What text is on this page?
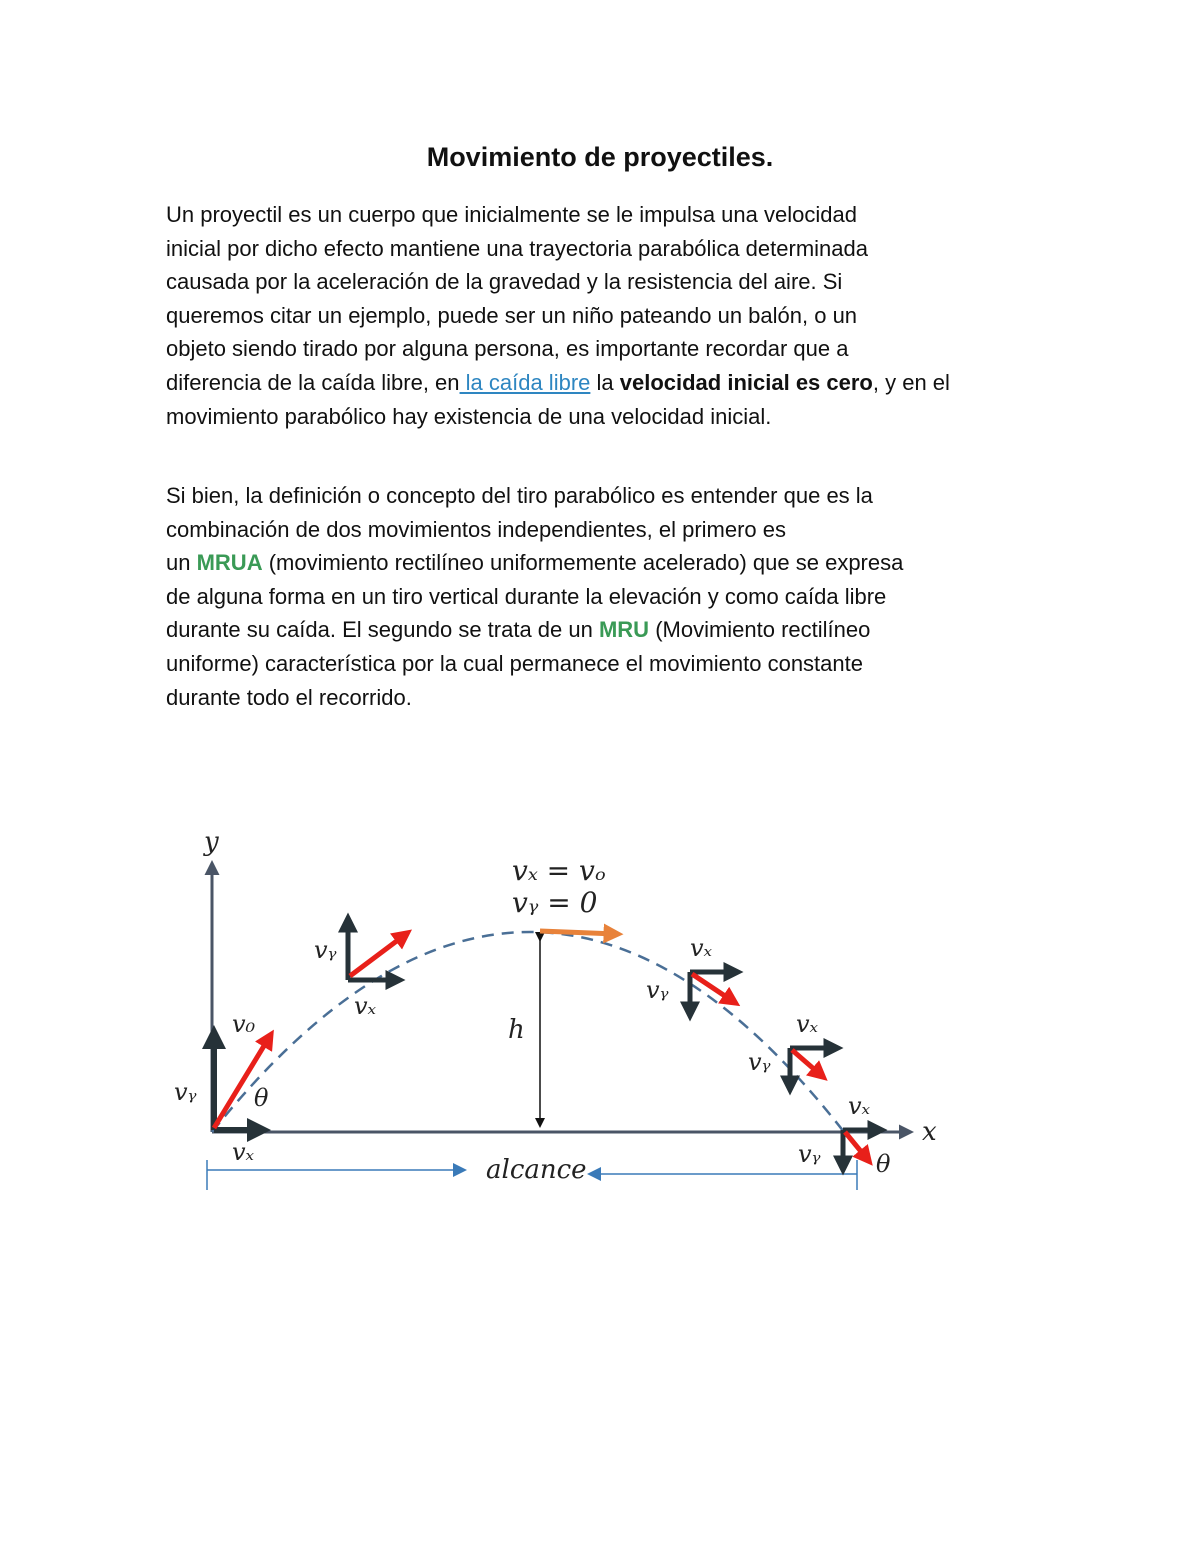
Movimiento de proyectiles.
Un proyectil es un cuerpo que inicialmente se le impulsa una velocidad
inicial por dicho efecto mantiene una trayectoria parabólica determinada
causada por la aceleración de la gravedad y la resistencia del aire. Si
queremos citar un ejemplo, puede ser un niño pateando un balón, o un
objeto siendo tirado por alguna persona, es importante recordar que a
diferencia de la caída libre, en la caída libre la velocidad inicial es cero, y en el
movimiento parabólico hay existencia de una velocidad inicial.
Si bien, la definición o concepto del tiro parabólico es entender que es la
combinación de dos movimientos independientes, el primero es
un MRUA (movimiento rectilíneo uniformemente acelerado) que se expresa
de alguna forma en un tiro vertical durante la elevación y como caída libre
durante su caída. El segundo se trata de un MRU (Movimiento rectilíneo
uniforme) característica por la cual permanece el movimiento constante
durante todo el recorrido.
y
x
vₓ = vₒ
vᵧ = 0
h
alcance
v₀
vᵧ θ
vₓ
vᵧ
vₓ
vₓ
vᵧ
vₓ
vᵧ
vₓ
vᵧ θ
